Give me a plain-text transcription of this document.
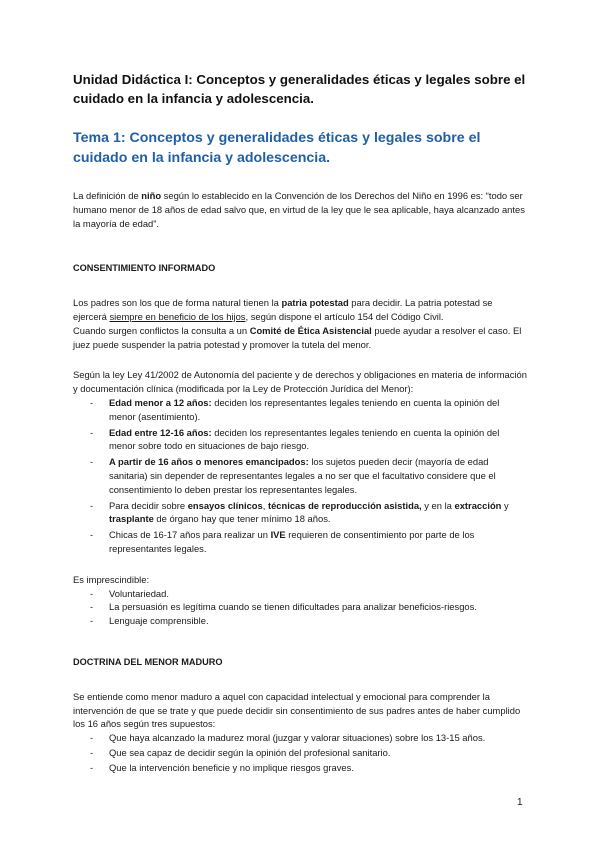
Unidad Didáctica I: Conceptos y generalidades éticas y legales sobre el cuidado en la infancia y adolescencia.
Tema 1: Conceptos y generalidades éticas y legales sobre el cuidado en la infancia y adolescencia.

La definición de niño según lo establecido en la Convención de los Derechos del Niño en 1996 es: “todo ser humano menor de 18 años de edad salvo que, en virtud de la ley que le sea aplicable, haya alcanzado antes la mayoría de edad”.

CONSENTIMIENTO INFORMADO

Los padres son los que de forma natural tienen la patria potestad para decidir. La patria potestad se ejercerá siempre en beneficio de los hijos, según dispone el artículo 154 del Código Civil.
Cuando surgen conflictos la consulta a un Comité de Ética Asistencial puede ayudar a resolver el caso. El juez puede suspender la patria potestad y promover la tutela del menor.

Según la ley Ley 41/2002 de Autonomía del paciente y de derechos y obligaciones en materia de información y documentación clínica (modificada por la Ley de Protección Jurídica del Menor):

- Edad menor a 12 años: deciden los representantes legales teniendo en cuenta la opinión del menor (asentimiento).
- Edad entre 12-16 años: deciden los representantes legales teniendo en cuenta la opinión del menor sobre todo en situaciones de bajo riesgo.
- A partir de 16 años o menores emancipados: los sujetos pueden decir (mayoría de edad sanitaria) sin depender de representantes legales a no ser que el facultativo considere que el consentimiento lo deben prestar los representantes legales.
- Para decidir sobre ensayos clínicos, técnicas de reproducción asistida, y en la extracción y trasplante de órgano hay que tener mínimo 18 años.
- Chicas de 16-17 años para realizar un IVE requieren de consentimiento por parte de los representantes legales.

Es imprescindible:

- Voluntariedad.
- La persuasión es legítima cuando se tienen dificultades para analizar beneficios-riesgos.
- Lenguaje comprensible.

DOCTRINA DEL MENOR MADURO

Se entiende como menor maduro a aquel con capacidad intelectual y emocional para comprender la intervención de que se trate y que puede decidir sin consentimiento de sus padres antes de haber cumplido los 16 años según tres supuestos:

- Que haya alcanzado la madurez moral (juzgar y valorar situaciones) sobre los 13-15 años.
- Que sea capaz de decidir según la opinión del profesional sanitario.
- Que la intervención beneficie y no implique riesgos graves.
1
